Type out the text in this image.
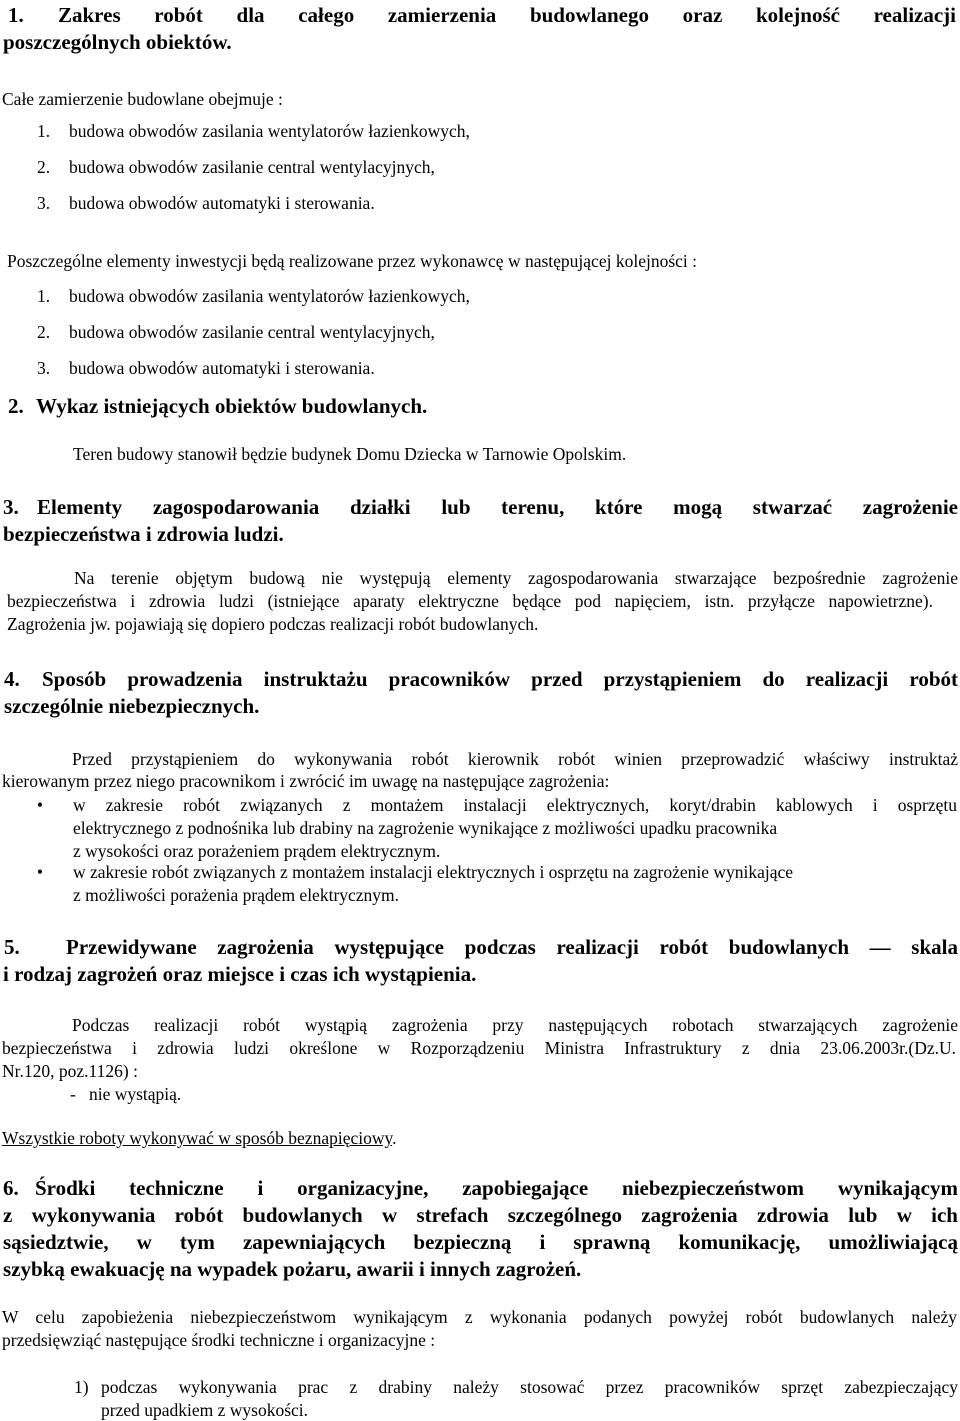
1. Zakres robót dla całego zamierzenia budowlanego oraz kolejność realizacji
poszczególnych obiektów.
Całe zamierzenie budowlane obejmuje :
1. budowa obwodów zasilania wentylatorów łazienkowych,
2. budowa obwodów zasilanie central wentylacyjnych,
3. budowa obwodów automatyki i sterowania.
Poszczególne elementy inwestycji będą realizowane przez wykonawcę w następującej kolejności :
1. budowa obwodów zasilania wentylatorów łazienkowych,
2. budowa obwodów zasilanie central wentylacyjnych,
3. budowa obwodów automatyki i sterowania.
2. Wykaz istniejących obiektów budowlanych.
Teren budowy stanowił będzie budynek Domu Dziecka w Tarnowie Opolskim.
3. Elementy zagospodarowania działki lub terenu, które mogą stwarzać zagrożenie
bezpieczeństwa i zdrowia ludzi.
Na terenie objętym budową nie występują elementy zagospodarowania stwarzające bezpośrednie zagrożenie
bezpieczeństwa i zdrowia ludzi (istniejące aparaty elektryczne będące pod napięciem, istn. przyłącze napowietrzne).
Zagrożenia jw. pojawiają się dopiero podczas realizacji robót budowlanych.
4. Sposób prowadzenia instruktażu pracowników przed przystąpieniem do realizacji robót
szczególnie niebezpiecznych.
Przed przystąpieniem do wykonywania robót kierownik robót winien przeprowadzić właściwy instruktaż
kierowanym przez niego pracownikom i zwrócić im uwagę na następujące zagrożenia:
• w zakresie robót związanych z montażem instalacji elektrycznych, koryt/drabin kablowych i osprzętu
elektrycznego z podnośnika lub drabiny na zagrożenie wynikające z możliwości upadku pracownika
z wysokości oraz porażeniem prądem elektrycznym.
• w zakresie robót związanych z montażem instalacji elektrycznych i osprzętu na zagrożenie wynikające
z możliwości porażenia prądem elektrycznym.
5. Przewidywane zagrożenia występujące podczas realizacji robót budowlanych — skala
i rodzaj zagrożeń oraz miejsce i czas ich wystąpienia.
Podczas realizacji robót wystąpią zagrożenia przy następujących robotach stwarzających zagrożenie
bezpieczeństwa i zdrowia ludzi określone w Rozporządzeniu Ministra Infrastruktury z dnia 23.06.2003r.(Dz.U.
Nr.120, poz.1126) :
-   nie wystąpią.
Wszystkie roboty wykonywać w sposób beznapięciowy.
6. Środki techniczne i organizacyjne, zapobiegające niebezpieczeństwom wynikającym
z wykonywania robót budowlanych w strefach szczególnego zagrożenia zdrowia lub w ich
sąsiedztwie, w tym zapewniających bezpieczną i sprawną komunikację, umożliwiającą
szybką ewakuację na wypadek pożaru, awarii i innych zagrożeń.
W celu zapobieżenia niebezpieczeństwom wynikającym z wykonania podanych powyżej robót budowlanych należy
przedsięwziąć następujące środki techniczne i organizacyjne :
1) podczas wykonywania prac z drabiny należy stosować przez pracowników sprzęt zabezpieczający
przed upadkiem z wysokości.
